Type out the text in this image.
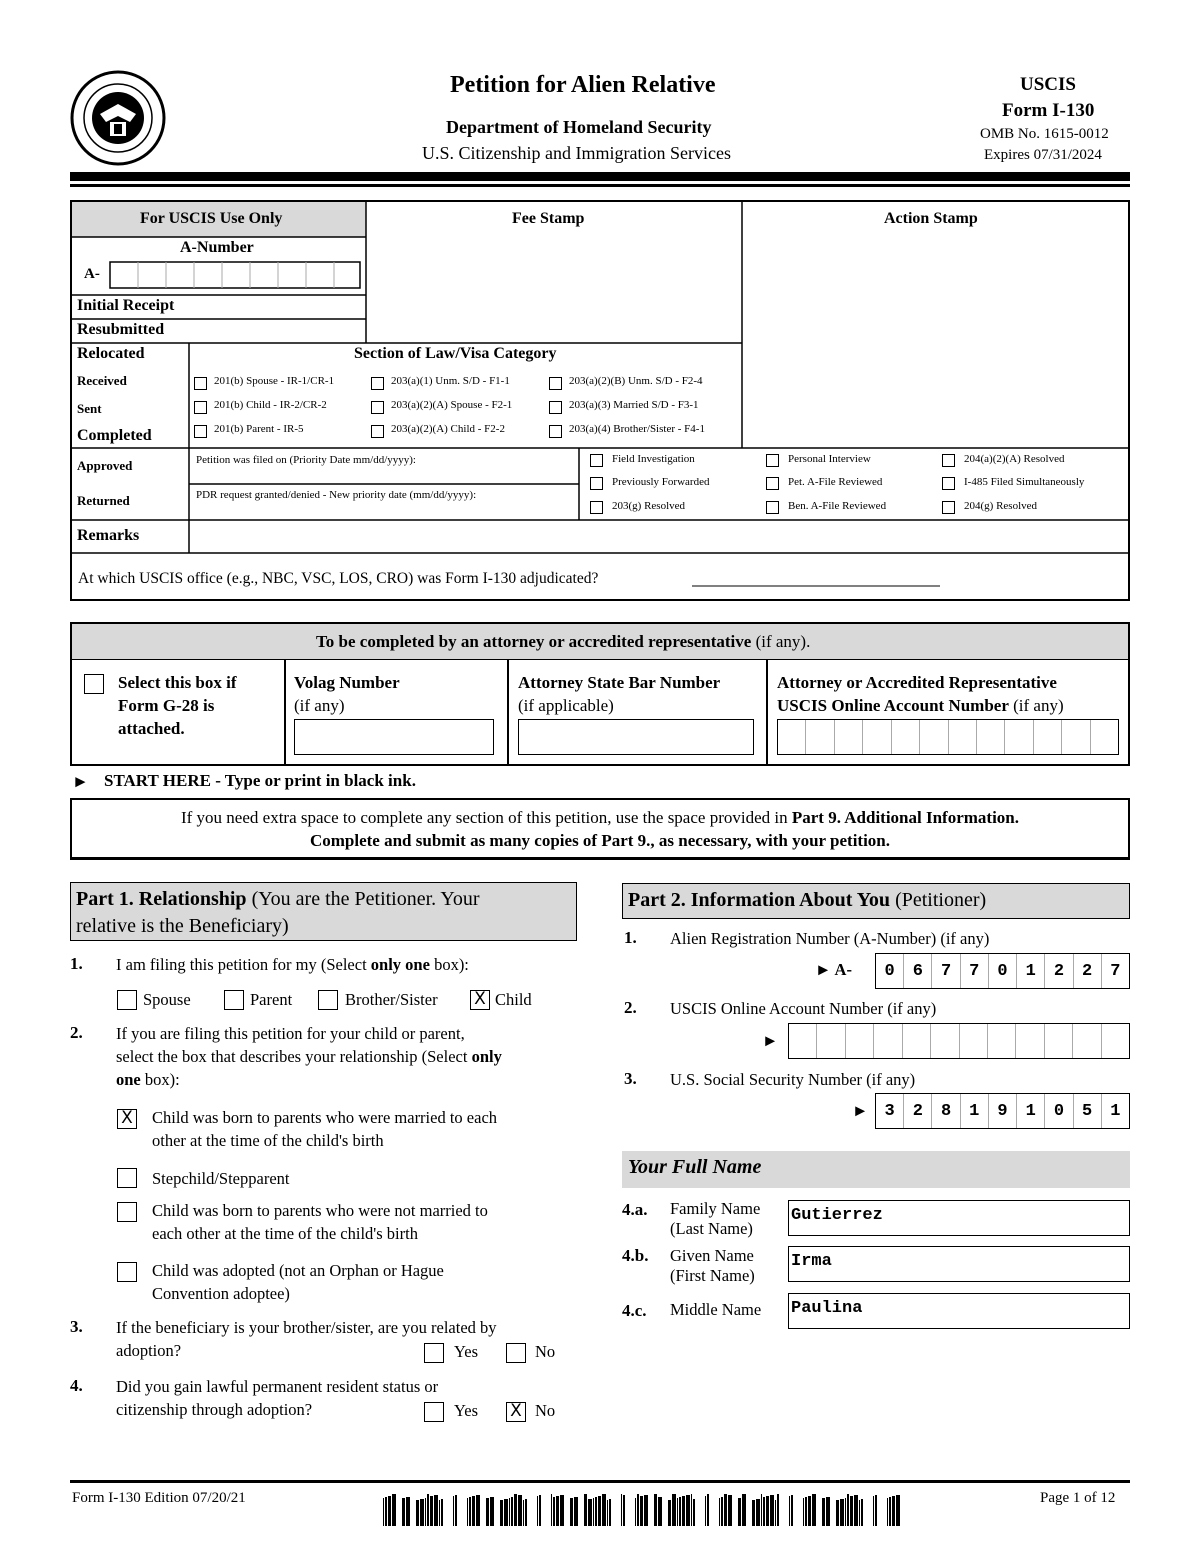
Petition for Alien Relative
Department of Homeland Security
U.S. Citizenship and Immigration Services
USCIS
Form I-130
OMB No. 1615-0012
Expires 07/31/2024
For USCIS Use Only	Fee Stamp	Action Stamp
A-Number
A-
Initial Receipt
Resubmitted
Relocated
Received
Sent
Completed
Section of Law/Visa Category
201(b) Spouse - IR-1/CR-1	203(a)(1) Unm. S/D - F1-1	203(a)(2)(B) Unm. S/D - F2-4
201(b) Child - IR-2/CR-2	203(a)(2)(A) Spouse - F2-1	203(a)(3) Married S/D - F3-1
201(b) Parent - IR-5	203(a)(2)(A) Child - F2-2	203(a)(4) Brother/Sister - F4-1
Approved
Returned
Petition was filed on (Priority Date mm/dd/yyyy):
PDR request granted/denied - New priority date (mm/dd/yyyy):
Field Investigation	Personal Interview	204(a)(2)(A) Resolved
Previously Forwarded	Pet. A-File Reviewed	I-485 Filed Simultaneously
203(g) Resolved	Ben. A-File Reviewed	204(g) Resolved
Remarks
At which USCIS office (e.g., NBC, VSC, LOS, CRO) was Form I-130 adjudicated?
To be completed by an attorney or accredited representative (if any).
Select this box if
Form G-28 is
attached.
Volag Number
(if any)
Attorney State Bar Number
(if applicable)
Attorney or Accredited Representative
USCIS Online Account Number (if any)
► START HERE - Type or print in black ink.
If you need extra space to complete any section of this petition, use the space provided in Part 9. Additional Information.
Complete and submit as many copies of Part 9., as necessary, with your petition.
Part 1. Relationship (You are the Petitioner. Your
relative is the Beneficiary)
1. I am filing this petition for my (Select only one box):
Spouse	Parent	Brother/Sister X Child
2. If you are filing this petition for your child or parent,
select the box that describes your relationship (Select only
one box):
X Child was born to parents who were married to each
other at the time of the child's birth
Stepchild/Stepparent
Child was born to parents who were not married to
each other at the time of the child's birth
Child was adopted (not an Orphan or Hague
Convention adoptee)
3. If the beneficiary is your brother/sister, are you related by
adoption?	Yes	No
4. Did you gain lawful permanent resident status or
citizenship through adoption?	Yes X No
Part 2. Information About You (Petitioner)
1. Alien Registration Number (A-Number) (if any)
► A-	0	6	7	7	0	1	2	2	7
2. USCIS Online Account Number (if any)
►
3. U.S. Social Security Number (if any)
► 3	2	8	1	9	1	0	5	1
Your Full Name
4.a. Family Name
(Last Name)
Gutierrez
4.b. Given Name
(First Name)
Irma
4.c. Middle Name Paulina
Form I-130 Edition 07/20/21	Page 1 of 12
